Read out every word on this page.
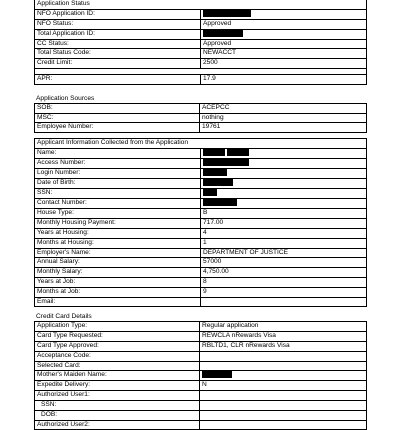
Application Status	
NFO Application ID:	
NFO Status:	Approved
Total Application ID:	
CC Status:	Approved
Total Status Code:	NEWACCT
Credit Limit:	2500

APR:	17.9
Application Sources
SOB:	ACEPCC
MSC:	nothing
Employee Number:	19761
Applicant Information Collected from the Application	
Name:	
Access Number:	
Login Number:	
Date of Birth:	
SSN:	
Contact Number:	
House Type:	B
Monthly Housing Payment:	717.00
Years at Housing:	4
Months at Housing:	1
Employer's Name:	DEPARTMENT OF JUSTICE
Annual Salary:	57000
Monthly Salary:	4,750.00
Years at Job:	8
Months at Job:	9
Email:	
Credit Card Details
Application Type:	Regular application
Card Type Requested:	REWCLA nRewards Visa
Card Type Approved:	RBLTD1, CLR nRewards Visa
Acceptance Code:	
Selected Card:	
Mother's Maiden Name:	
Expedite Delivery:	N
Authorized User1:	
SSN:	
DOB:	
Authorized User2:	
